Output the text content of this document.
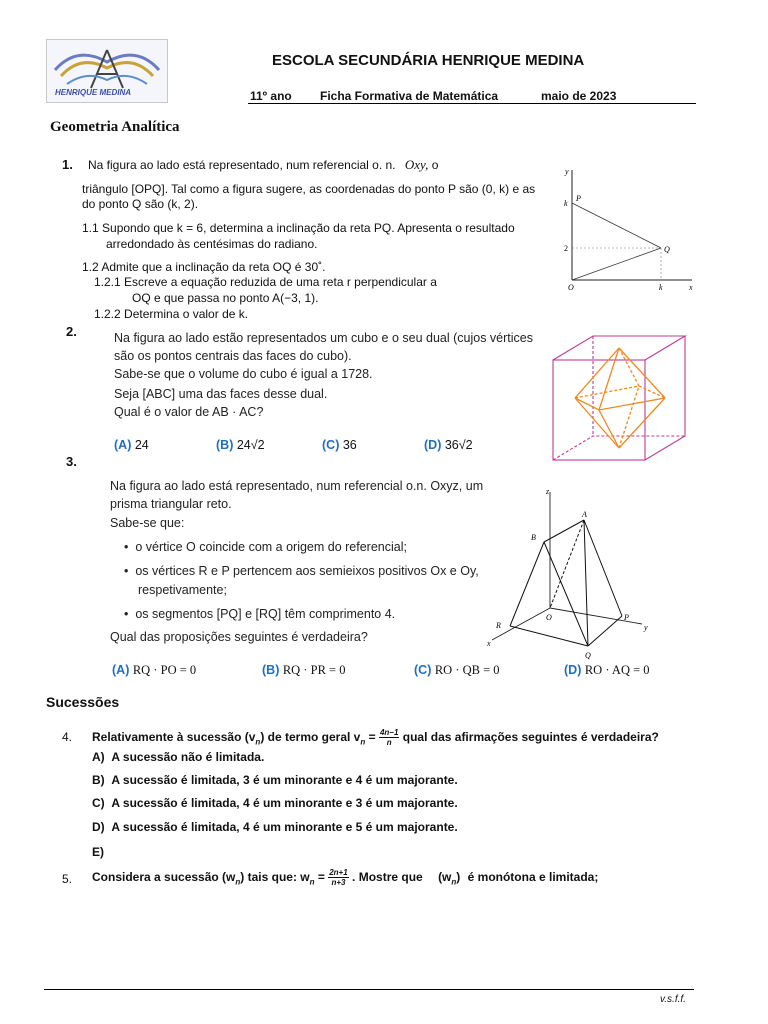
HENRIQUE MEDINA
ESCOLA SECUNDÁRIA HENRIQUE MEDINA
11º ano Ficha Formativa de Matemática	maio de 2023
Geometria Analítica
1. Na figura ao lado está representado, num referencial o. n. Oxy, o
triângulo [OPQ]. Tal como a figura sugere, as coordenadas do ponto P são (0, k) e as
do ponto Q são (k, 2).
1.1 Supondo que k = 6, determina a inclinação da reta PQ. Apresenta o resultado
arredondado às centésimas do radiano.
1.2 Admite que a inclinação da reta OQ é 30˚.
1.2.1 Escreve a equação reduzida de uma reta r perpendicular a
OQ e que passa no ponto A(−3, 1).
1.2.2 Determina o valor de k.
y
x
P
Q
O
k
2
k
2.	Na figura ao lado estão representados um cubo e o seu dual (cujos vértices
são os pontos centrais das faces do cubo).
Sabe-se que o volume do cubo é igual a 1728.
Seja [ABC] uma das faces desse dual.
Qual é o valor de AB · AC?
(A) 24	(B) 24√2	(C) 36	(D) 36√2
3.
Na figura ao lado está representado, num referencial o.n. Oxyz, um
prisma triangular reto.
Sabe-se que:
•  o vértice O coincide com a origem do referencial;
•  os vértices R e P pertencem aos semieixos positivos Ox e Oy,
respetivamente;
•  os segmentos [PQ] e [RQ] têm comprimento 4.
Qual das proposições seguintes é verdadeira?
(A) RQ · PO = 0	(B) RQ · PR = 0	(C) RO · QB = 0	(D) RO · AQ = 0
z
y
x
A
B
O	P
R
Q
Sucessões
4. Relativamente à sucessão $(v_n)$ de termo geral $v_n = \frac{4n-1}{n}$ qual das afirmações seguintes é verdadeira?
A) A sucessão não é limitada.
B) A sucessão é limitada, 3 é um minorante e 4 é um majorante.
C) A sucessão é limitada, 4 é um minorante e 3 é um majorante.
D) A sucessão é limitada, 4 é um minorante e 5 é um majorante.
E)
5. Considera a sucessão $(w_n)$ tais que: $w_n = \frac{2n+1}{n+3}$ . Mostre que $(w_n)$ é monótona e limitada;
v.s.f.f.
